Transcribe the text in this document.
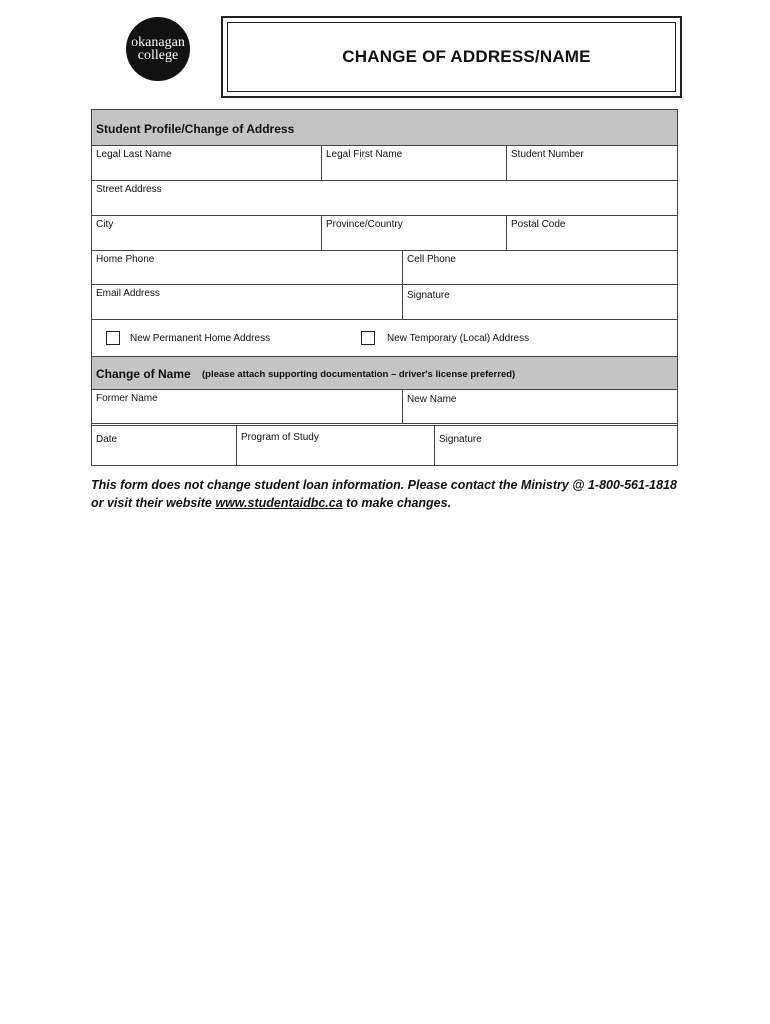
okanagan
college	CHANGE OF ADDRESS/NAME
Student Profile/Change of Address
Legal Last Name	Legal First Name	Student Number
Street Address
City	Province/Country	Postal Code
Home Phone	Cell Phone
Email Address	Signature
New Permanent Home Address	New Temporary (Local) Address
Change of Name (please attach supporting documentation – driver's license preferred)
Former Name	New Name
Date	Program of Study	Signature
This form does not change student loan information. Please contact the Ministry @ 1-800-561-1818 or visit their website www.studentaidbc.ca to make changes.
